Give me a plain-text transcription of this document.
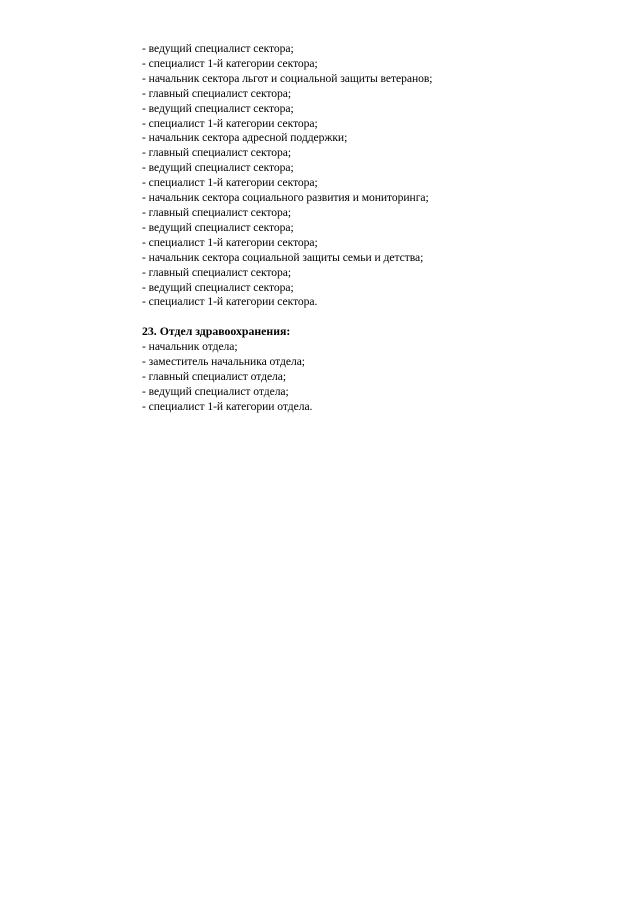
- ведущий специалист сектора;
- специалист 1-й категории сектора;
- начальник сектора льгот и социальной защиты ветеранов;
- главный специалист сектора;
- ведущий специалист сектора;
- специалист 1-й категории сектора;
- начальник сектора адресной поддержки;
- главный специалист сектора;
- ведущий специалист сектора;
- специалист 1-й категории сектора;
- начальник сектора социального развития и мониторинга;
- главный специалист сектора;
- ведущий специалист сектора;
- специалист 1-й категории сектора;
- начальник сектора социальной защиты семьи и детства;
- главный специалист сектора;
- ведущий специалист сектора;
- специалист 1-й категории сектора.
23. Отдел здравоохранения:
- начальник отдела;
- заместитель начальника отдела;
- главный специалист отдела;
- ведущий специалист отдела;
- специалист 1-й категории отдела.
